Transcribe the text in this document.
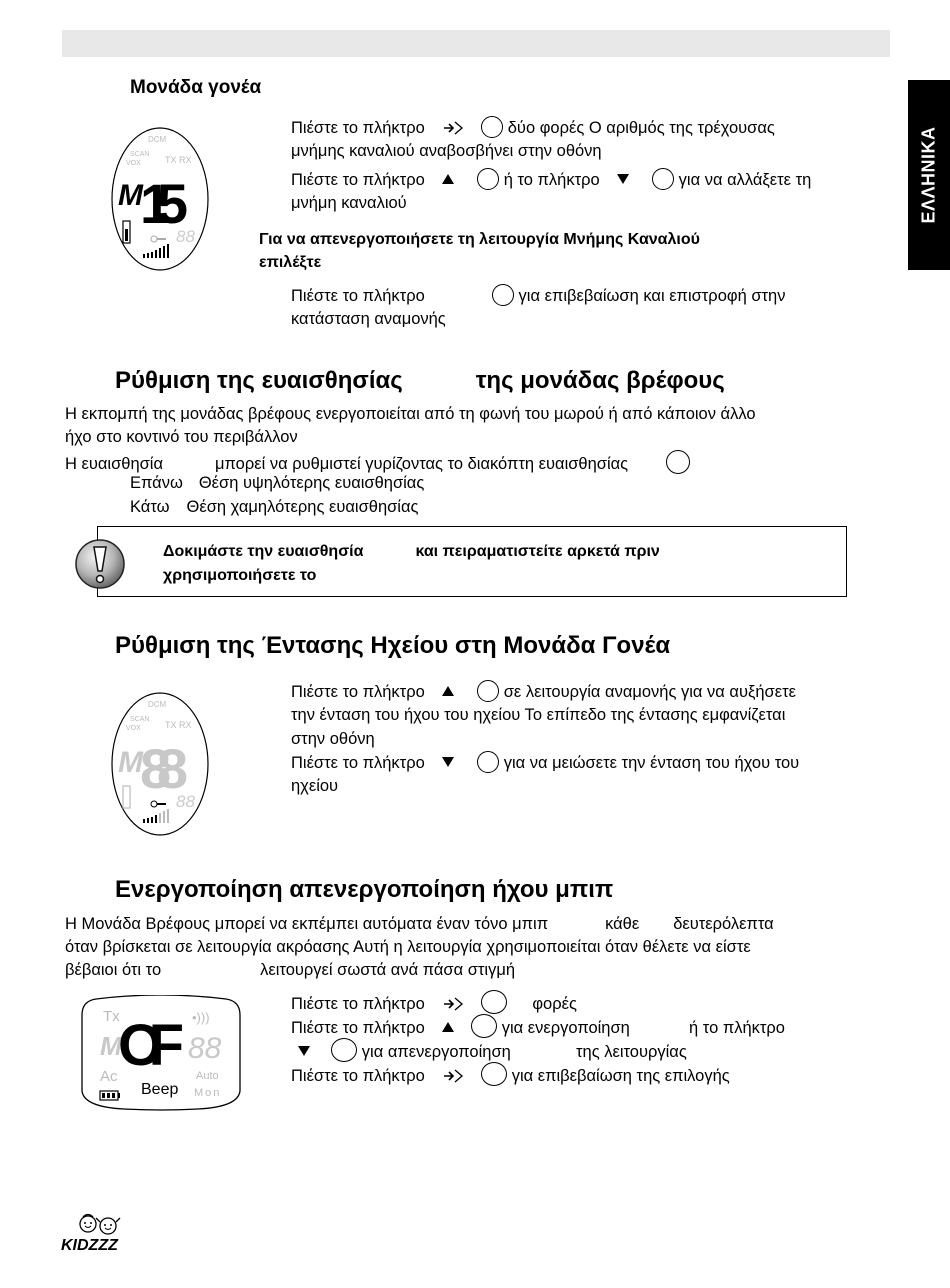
ΕΛΛΗΝΙΚΑ
Μονάδα γονέα
DCM
SCAN
VOX	TX RX
M
15
88
Πιέστε το πλήκτρο	δύο φορές Ο αριθμός της τρέχουσας
μνήμης καναλιού αναβοσβήνει στην οθόνη
Πιέστε το πλήκτρο	ή το πλήκτρο	για να αλλάξετε τη
μνήμη καναλιού
Για να απενεργοποιήσετε τη λειτουργία Μνήμης Καναλιού
επιλέξτε
Πιέστε το πλήκτρο	για επιβεβαίωση και επιστροφή στην
κατάσταση αναμονής
Ρύθμιση της ευαισθησίας	της μονάδας βρέφους
Η εκπομπή της μονάδας βρέφους ενεργοποιείται από τη φωνή του μωρού ή από κάποιον άλλο
ήχο στο κοντινό του περιβάλλον
Η ευαισθησία	μπορεί να ρυθμιστεί γυρίζοντας το διακόπτη ευαισθησίας
Επάνω Θέση υψηλότερης ευαισθησίας
Κάτω Θέση χαμηλότερης ευαισθησίας
Δοκιμάστε την ευαισθησία	και πειραματιστείτε αρκετά πριν
χρησιμοποιήσετε το
Ρύθμιση της Έντασης Ηχείου στη Μονάδα Γονέα
DCM
SCAN
VOX	TX RX
M
88
88
Πιέστε το πλήκτρο	σε λειτουργία αναμονής για να αυξήσετε
την ένταση του ήχου του ηχείου Το επίπεδο της έντασης εμφανίζεται
στην οθόνη
Πιέστε το πλήκτρο	για να μειώσετε την ένταση του ήχου του
ηχείου
Ενεργοποίηση απενεργοποίηση ήχου μπιπ
Η Μονάδα Βρέφους μπορεί να εκπέμπει αυτόματα έναν τόνο μπιπ	κάθε δευτερόλεπτα
όταν βρίσκεται σε λειτουργία ακρόασης Αυτή η λειτουργία χρησιμοποιείται όταν θέλετε να είστε
βέβαιοι ότι το	λειτουργεί σωστά ανά πάσα στιγμή
Tx
M
OF 88
•)))
Ac
Beep
Auto
Mon
Πιέστε το πλήκτρο	φορές
Πιέστε το πλήκτρο	για ενεργοποίηση	ή το πλήκτρο
για απενεργοποίηση	της λειτουργίας
Πιέστε το πλήκτρο	για επιβεβαίωση της επιλογής
KIDZZZ
